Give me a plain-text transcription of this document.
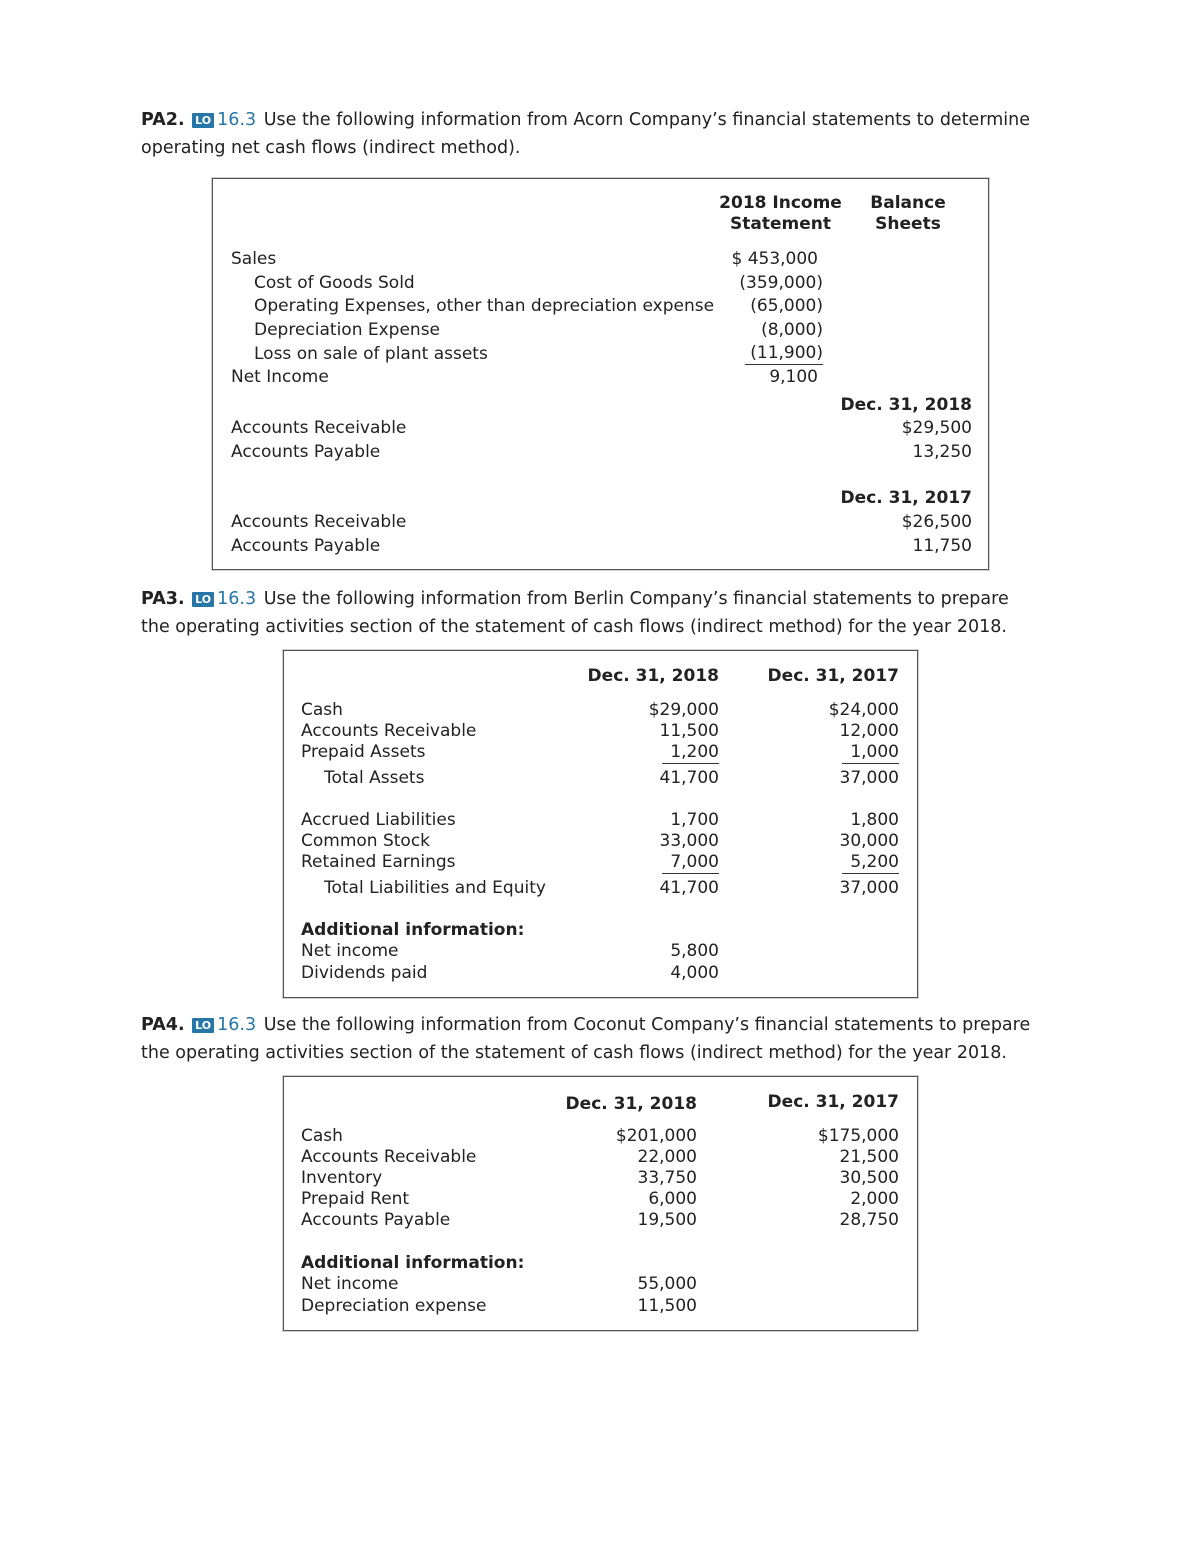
PA2. LO 16.3 Use the following information from Acorn Company’s financial statements to determine operating net cash flows (indirect method).
2018 Income
Statement
Balance
Sheets
Sales
Cost of Goods Sold
Operating Expenses, other than depreciation expense
Depreciation Expense
Loss on sale of plant assets
Net Income
$ 453,000
(359,000)
(65,000)
(8,000)
(11,900)
9,100
Dec. 31, 2018
Accounts Receivable
Accounts Payable
$29,500
13,250
Dec. 31, 2017
Accounts Receivable
Accounts Payable
$26,500
11,750
PA3. LO 16.3 Use the following information from Berlin Company’s financial statements to prepare the operating activities section of the statement of cash flows (indirect method) for the year 2018.
Dec. 31, 2018	Dec. 31, 2017
Cash
Accounts Receivable
Prepaid Assets
Total Assets
$29,000
11,500
1,200
41,700
$24,000
12,000
1,000
37,000
Accrued Liabilities
Common Stock
Retained Earnings
Total Liabilities and Equity
1,700
33,000
7,000
41,700
1,800
30,000
5,200
37,000
Additional information:
Net income
Dividends paid
5,800
4,000
PA4. LO 16.3 Use the following information from Coconut Company’s financial statements to prepare the operating activities section of the statement of cash flows (indirect method) for the year 2018.
Dec. 31, 2018	Dec. 31, 2017
Cash
Accounts Receivable
Inventory
Prepaid Rent
Accounts Payable
$201,000
22,000
33,750
6,000
19,500
$175,000
21,500
30,500
2,000
28,750
Additional information:
Net income
Depreciation expense
55,000
11,500
